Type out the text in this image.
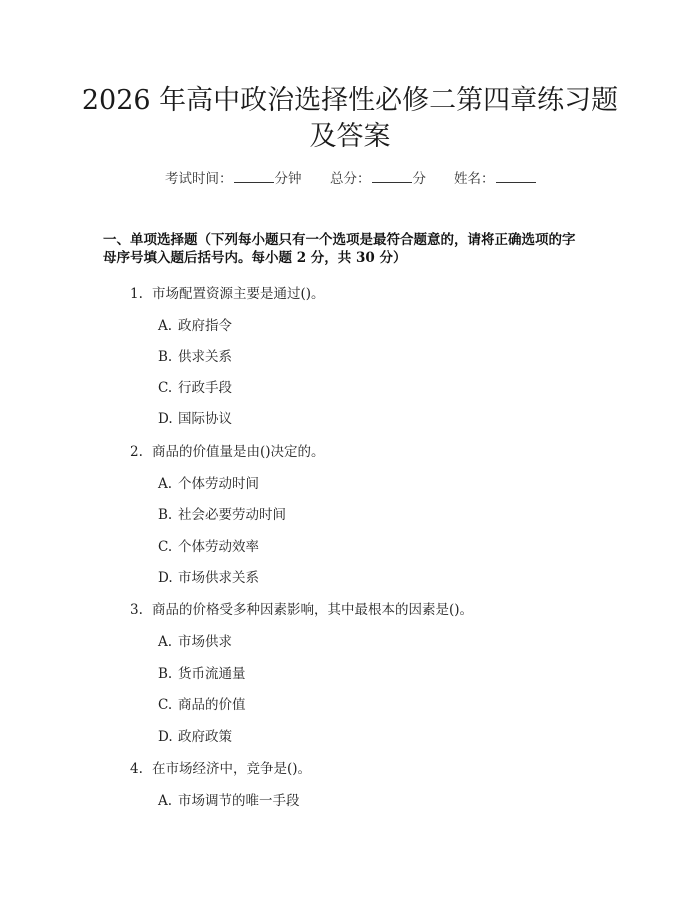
2026 年高中政治选择性必修二第四章练习题
及答案
考试时间：	分钟 总分：	分 姓名：
一、单项选择题（下列每小题只有一个选项是最符合题意的，请将正确选项的字
母序号填入题后括号内。每小题 2 分，共 30 分）
1. 市场配置资源主要是通过()。
A. 政府指令
B. 供求关系
C. 行政手段
D. 国际协议
2. 商品的价值量是由()决定的。
A. 个体劳动时间
B. 社会必要劳动时间
C. 个体劳动效率
D. 市场供求关系
3. 商品的价格受多种因素影响，其中最根本的因素是()。
A. 市场供求
B. 货币流通量
C. 商品的价值
D. 政府政策
4. 在市场经济中，竞争是()。
A. 市场调节的唯一手段
